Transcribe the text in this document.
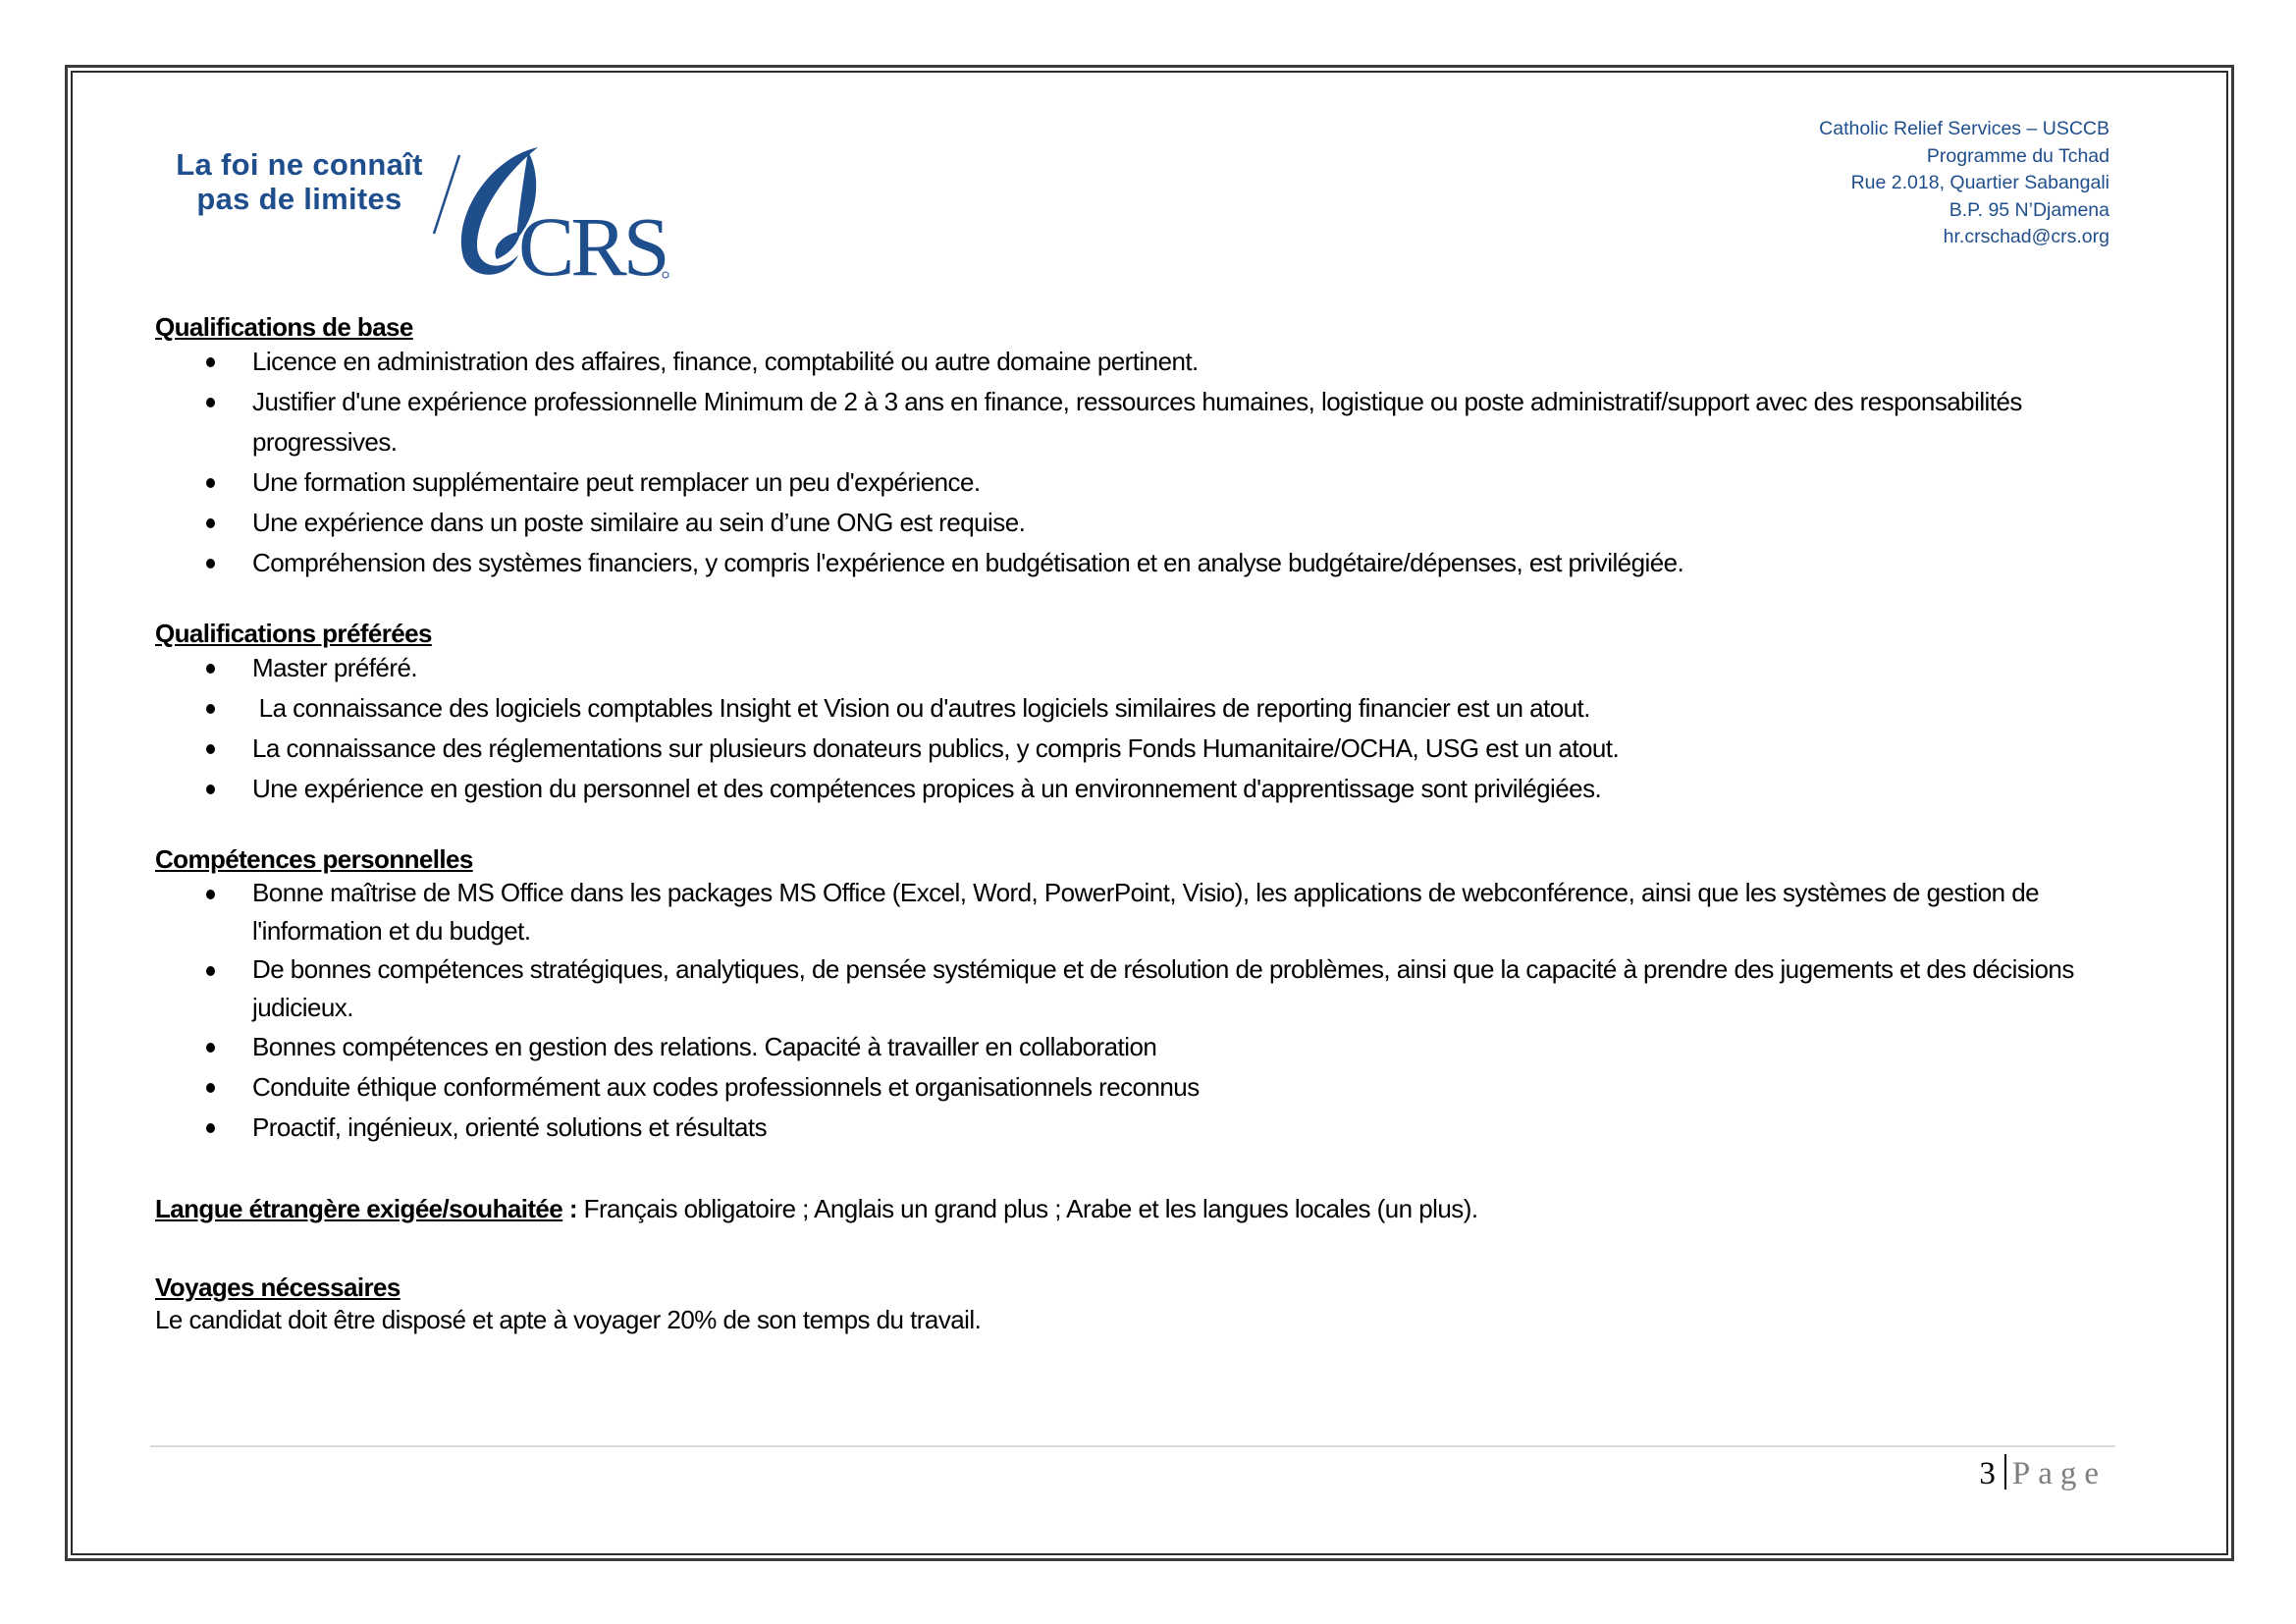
La foi ne connaît
pas de limites
CRS
Catholic Relief Services – USCCB
Programme du Tchad
Rue 2.018, Quartier Sabangali
B.P. 95 N’Djamena
hr.crschad@crs.org
Qualifications de base
Licence en administration des affaires, finance, comptabilité ou autre domaine pertinent.
Justifier d'une expérience professionnelle Minimum de 2 à 3 ans en finance, ressources humaines, logistique ou poste administratif/support avec des responsabilités progressives.
Une formation supplémentaire peut remplacer un peu d'expérience.
Une expérience dans un poste similaire au sein d’une ONG est requise.
Compréhension des systèmes financiers, y compris l'expérience en budgétisation et en analyse budgétaire/dépenses, est privilégiée.
Qualifications préférées
Master préféré.
La connaissance des logiciels comptables Insight et Vision ou d'autres logiciels similaires de reporting financier est un atout.
La connaissance des réglementations sur plusieurs donateurs publics, y compris Fonds Humanitaire/OCHA, USG est un atout.
Une expérience en gestion du personnel et des compétences propices à un environnement d'apprentissage sont privilégiées.
Compétences personnelles
Bonne maîtrise de MS Office dans les packages MS Office (Excel, Word, PowerPoint, Visio), les applications de webconférence, ainsi que les systèmes de gestion de l'information et du budget.
De bonnes compétences stratégiques, analytiques, de pensée systémique et de résolution de problèmes, ainsi que la capacité à prendre des jugements et des décisions judicieux.
Bonnes compétences en gestion des relations. Capacité à travailler en collaboration
Conduite éthique conformément aux codes professionnels et organisationnels reconnus
Proactif, ingénieux, orienté solutions et résultats
Langue étrangère exigée/souhaitée : Français obligatoire ; Anglais un grand plus ; Arabe et les langues locales (un plus).
Voyages nécessaires
Le candidat doit être disposé et apte à voyager 20% de son temps du travail.
3 Page
